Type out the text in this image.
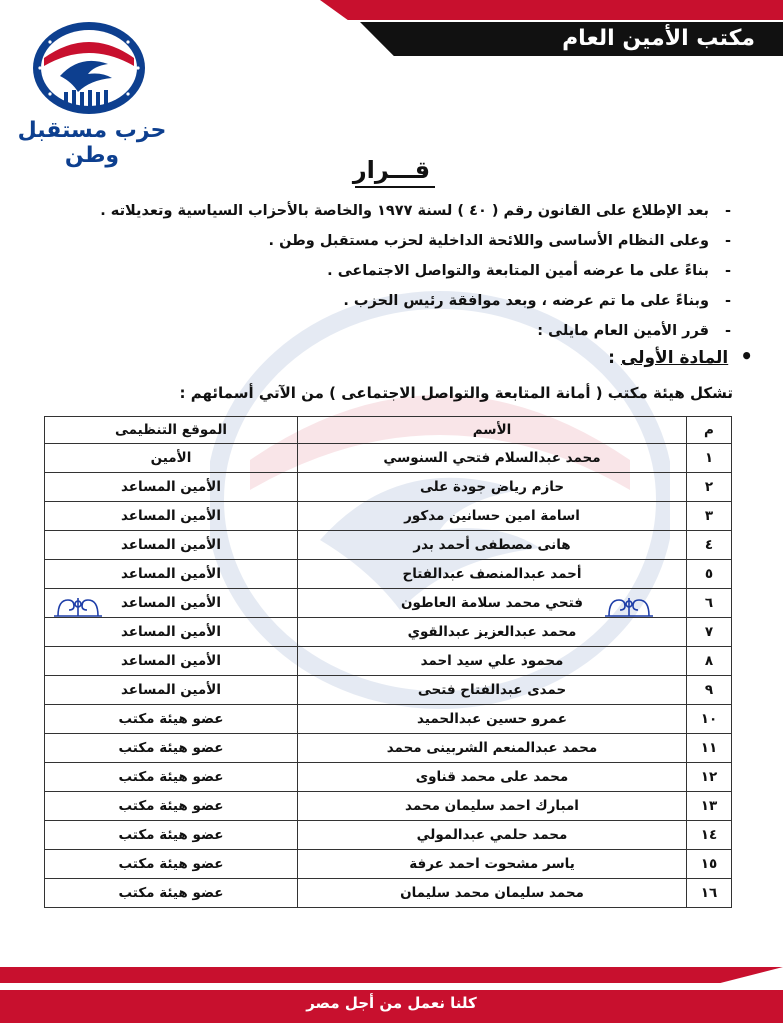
مكتب الأمين العام
حزب مستقبل وطن
قـــرار
-بعد الإطلاع على القانون رقم ( ٤٠ ) لسنة ١٩٧٧ والخاصة بالأحزاب السياسية وتعديلاته .
-وعلى النظام الأساسى واللائحة الداخلية لحزب مستقبل وطن .
-بناءً على ما عرضه أمين المتابعة والتواصل الاجتماعى .
-وبناءً على ما تم عرضه ، وبعد موافقة رئيس الحزب .
-قرر الأمين العام مايلى :
•المادة الأولى :
تشكل هيئة مكتب ( أمانة المتابعة والتواصل الاجتماعى ) من الآتي أسمائهم :
م	الأسم	الموقع التنظيمى
١	محمد عبدالسلام فتحي السنوسي	الأمين
٢	حازم رياض جودة على	الأمين المساعد
٣	اسامة امين حسانين مدكور	الأمين المساعد
٤	هانى مصطفى أحمد بدر	الأمين المساعد
٥	أحمد عبدالمنصف عبدالفتاح	الأمين المساعد
٦	فتحي محمد سلامة العاطون	الأمين المساعد
٧	محمد عبدالعزيز عبدالقوي	الأمين المساعد
٨	محمود علي سيد احمد	الأمين المساعد
٩	حمدى عبدالفتاح فتحى	الأمين المساعد
١٠	عمرو حسين عبدالحميد	عضو هيئة مكتب
١١	محمد عبدالمنعم الشربينى محمد	عضو هيئة مكتب
١٢	محمد على محمد قناوى	عضو هيئة مكتب
١٣	امبارك احمد سليمان محمد	عضو هيئة مكتب
١٤	محمد حلمي عبدالمولي	عضو هيئة مكتب
١٥	ياسر مشحوت احمد عرفة	عضو هيئة مكتب
١٦	محمد سليمان محمد سليمان	عضو هيئة مكتب
كلنا نعمل من أجل مصر
